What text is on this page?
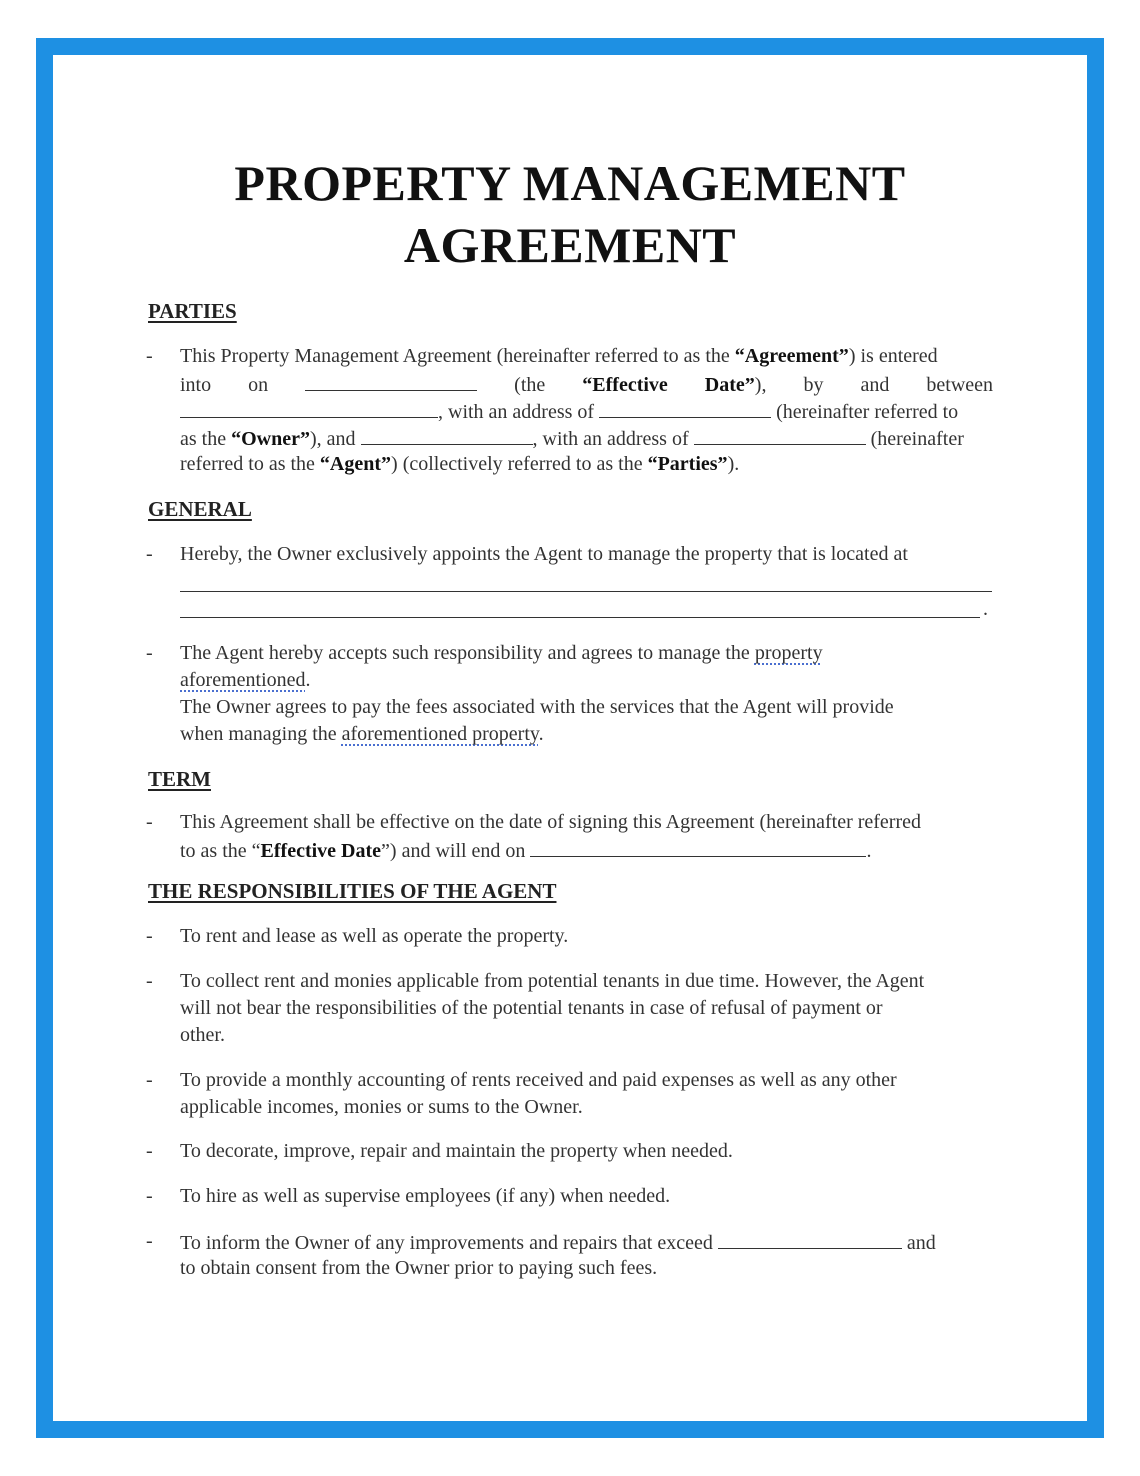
PROPERTY MANAGEMENT
AGREEMENT
PARTIES
- This Property Management Agreement (hereinafter referred to as the “Agreement”) is entered
into on	(the “Effective Date”), by and between
, with an address of	(hereinafter referred to
as the “Owner”), and	, with an address of	(hereinafter
referred to as the “Agent”) (collectively referred to as the “Parties”).
GENERAL
- Hereby, the Owner exclusively appoints the Agent to manage the property that is located at
.
- The Agent hereby accepts such responsibility and agrees to manage the property
aforementioned.
The Owner agrees to pay the fees associated with the services that the Agent will provide
when managing the aforementioned property.
TERM
- This Agreement shall be effective on the date of signing this Agreement (hereinafter referred
to as the “Effective Date”) and will end on	.
THE RESPONSIBILITIES OF THE AGENT
- To rent and lease as well as operate the property.
- To collect rent and monies applicable from potential tenants in due time. However, the Agent
will not bear the responsibilities of the potential tenants in case of refusal of payment or
other.
- To provide a monthly accounting of rents received and paid expenses as well as any other
applicable incomes, monies or sums to the Owner.
- To decorate, improve, repair and maintain the property when needed.
- To hire as well as supervise employees (if any) when needed.
- To inform the Owner of any improvements and repairs that exceed	and
to obtain consent from the Owner prior to paying such fees.
